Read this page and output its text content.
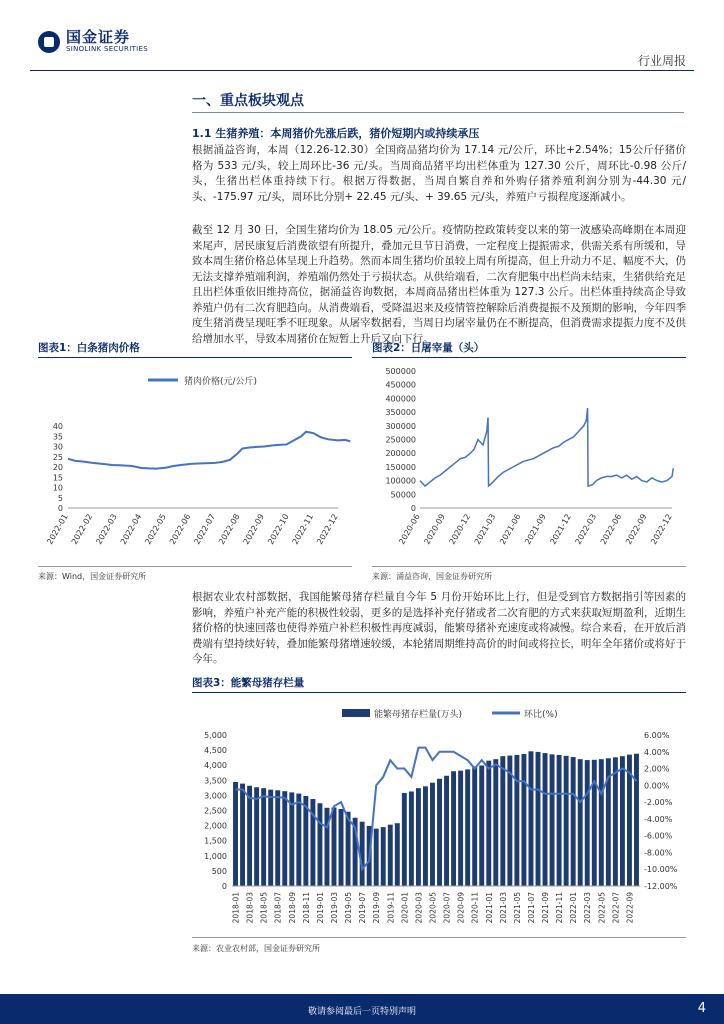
国金证券
SINOLINK SECURITIES
行业周报
一、重点板块观点
1.1 生猪养殖：本周猪价先涨后跌，猪价短期内或持续承压

根据涌益咨询，本周（12.26-12.30）全国商品猪均价为 17.14 元/公斤，环比+2.54%；15公斤仔猪价格为 533 元/头，较上周环比-36 元/头。当周商品猪平均出栏体重为 127.30 公斤，周环比-0.98 公斤/头，生猪出栏体重持续下行。根据万得数据，当周自繁自养和外购仔猪养殖利润分别为-44.30 元/头、-175.97 元/头，周环比分别+ 22.45 元/头、+ 39.65 元/头，养殖户亏损程度逐渐减小。

截至 12 月 30 日，全国生猪均价为 18.05 元/公斤。疫情防控政策转变以来的第一波感染高峰期在本周迎来尾声，居民康复后消费欲望有所提升，叠加元旦节日消费，一定程度上提振需求，供需关系有所缓和，导致本周生猪价格总体呈现上升趋势。然而本周生猪均价虽较上周有所提高，但上升动力不足、幅度不大，仍无法支撑养殖端利润，养殖端仍然处于亏损状态。从供给端看，二次育肥集中出栏尚未结束，生猪供给充足且出栏体重依旧维持高位，据涌益咨询数据，本周商品猪出栏体重为 127.3 公斤。出栏体重持续高企导致养殖户仍有二次育肥趋向。从消费端看，受降温迟来及疫情管控解除后消费提振不及预期的影响，今年四季度生猪消费呈现旺季不旺现象。从屠宰数据看，当周日均屠宰量仍在不断提高，但消费需求提振力度不及供给增加水平，导致本周猪价在短暂上升后又向下行。

图表1：白条猪肉价格
猪肉价格(元/公斤)
0
5
10
15
20
25
30
35
40
2022-01 2022-02 2022-03 2022-04 2022-05 2022-06 2022-07 2022-08 2022-09 2022-10 2022-11 2022-12
来源：Wind，国金证券研究所
图表2：日屠宰量（头）
0
50000
100000
150000
200000
250000
300000
350000
400000
450000
500000
2020-06 2020-09 2020-12 2021-03 2021-06 2021-09 2021-12 2022-03 2022-06 2022-09 2022-12
来源：涌益咨询，国金证券研究所

根据农业农村部数据，我国能繁母猪存栏量自今年 5 月份开始环比上行，但是受到官方数据指引等因素的影响，养殖户补充产能的积极性较弱，更多的是选择补充仔猪或者二次育肥的方式来获取短期盈利，近期生猪价格的快速回落也使得养殖户补栏积极性再度减弱，能繁母猪补充速度或将减慢。综合来看，在开放后消费端有望持续好转，叠加能繁母猪增速较缓，本轮猪周期维持高价的时间或将拉长，明年全年猪价或将好于今年。

图表3：能繁母猪存栏量
能繁母猪存栏量(万头)	环比(%)
0
500
1,000
1,500
2,000
2,500
3,000
3,500
4,000
4,500
5,000
-12.00%
-10.00%
-8.00%
-6.00%
-4.00%
-2.00%
0.00%
2.00%
4.00%
6.00%
2018-01 2018-03 2018-05 2018-07 2018-09 2018-11 2019-01 2019-03 2019-05 2019-07 2019-09 2019-11 2020-01 2020-03 2020-05 2020-07 2020-09 2020-11 2021-01 2021-03 2021-05 2021-07 2021-09 2021-11 2022-01 2022-03 2022-05 2022-07 2022-09
来源：农业农村部，国金证券研究所
敬请参阅最后一页特别声明	4
